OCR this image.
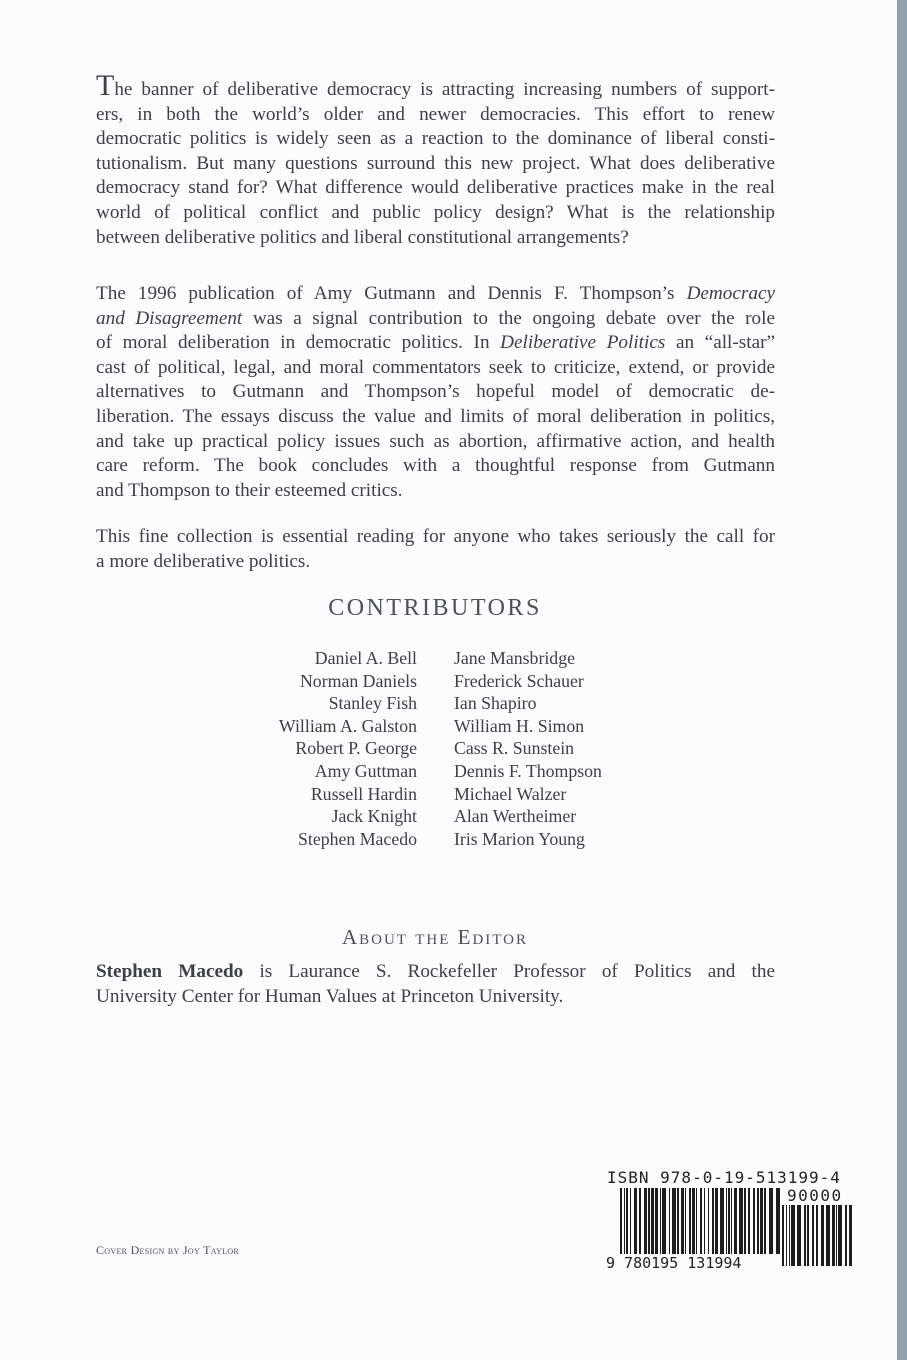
The banner of deliberative democracy is attracting increasing numbers of support-
ers, in both the world’s older and newer democracies. This effort to renew
democratic politics is widely seen as a reaction to the dominance of liberal consti-
tutionalism. But many questions surround this new project. What does deliberative
democracy stand for? What difference would deliberative practices make in the real
world of political conflict and public policy design? What is the relationship
between deliberative politics and liberal constitutional arrangements?
The 1996 publication of Amy Gutmann and Dennis F. Thompson’s Democracy
and Disagreement was a signal contribution to the ongoing debate over the role
of moral deliberation in democratic politics. In Deliberative Politics an “all-star”
cast of political, legal, and moral commentators seek to criticize, extend, or provide
alternatives to Gutmann and Thompson’s hopeful model of democratic de-
liberation. The essays discuss the value and limits of moral deliberation in politics,
and take up practical policy issues such as abortion, affirmative action, and health
care reform. The book concludes with a thoughtful response from Gutmann
and Thompson to their esteemed critics.
This fine collection is essential reading for anyone who takes seriously the call for
a more deliberative politics.
CONTRIBUTORS
Daniel A. Bell
Norman Daniels
Stanley Fish
William A. Galston
Robert P. George
Amy Guttman
Russell Hardin
Jack Knight
Stephen Macedo
Jane Mansbridge
Frederick Schauer
Ian Shapiro
William H. Simon
Cass R. Sunstein
Dennis F. Thompson
Michael Walzer
Alan Wertheimer
Iris Marion Young
About the Editor
Stephen Macedo is Laurance S. Rockefeller Professor of Politics and the
University Center for Human Values at Princeton University.
Cover Design by Joy Taylor
ISBN 978-0-19-513199-4
90000
9 780195 131994
